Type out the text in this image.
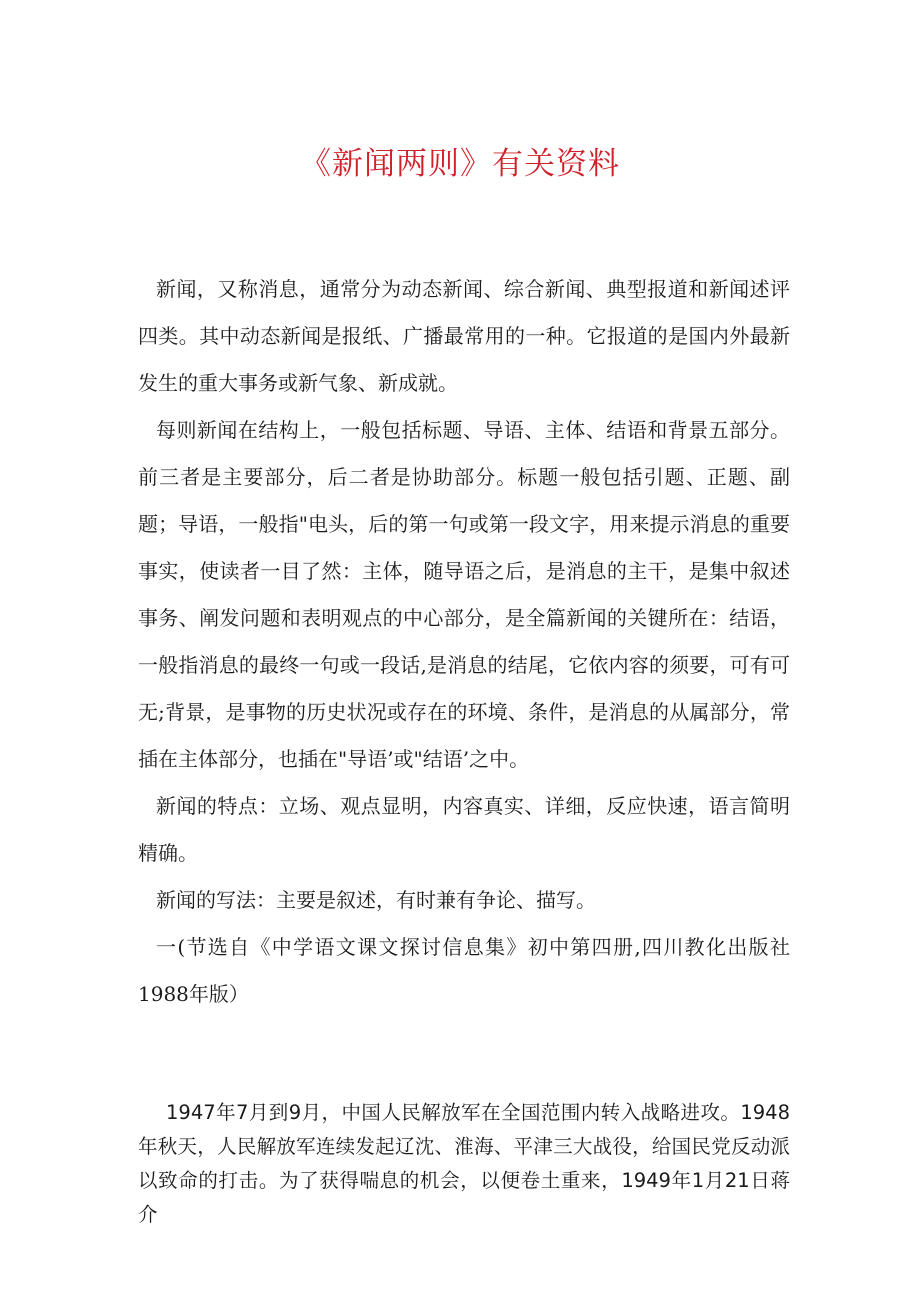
《新闻两则》有关资料

新闻，又称消息，通常分为动态新闻、综合新闻、典型报道和新闻述评四类。其中动态新闻是报纸、广播最常用的一种。它报道的是国内外最新发生的重大事务或新气象、新成就。

每则新闻在结构上，一般包括标题、导语、主体、结语和背景五部分。前三者是主要部分，后二者是协助部分。标题一般包括引题、正题、副题；导语，一般指"电头，后的第一句或第一段文字，用来提示消息的重要事实，使读者一目了然：主体，随导语之后，是消息的主干，是集中叙述事务、阐发问题和表明观点的中心部分，是全篇新闻的关键所在：结语，一般指消息的最终一句或一段话,是消息的结尾，它依内容的须要，可有可无;背景，是事物的历史状况或存在的环境、条件，是消息的从属部分，常插在主体部分，也插在"导语’或"结语’之中。

新闻的特点：立场、观点显明，内容真实、详细，反应快速，语言简明精确。

新闻的写法：主要是叙述，有时兼有争论、描写。

一(节选自《中学语文课文探讨信息集》初中第四册,四川教化出版社1988年版）

1947年7月到9月，中国人民解放军在全国范围内转入战略进攻。1948年秋天，人民解放军连续发起辽沈、淮海、平津三大战役，给国民党反动派以致命的打击。为了获得喘息的机会，以便卷土重来，1949年1月21日蒋介
